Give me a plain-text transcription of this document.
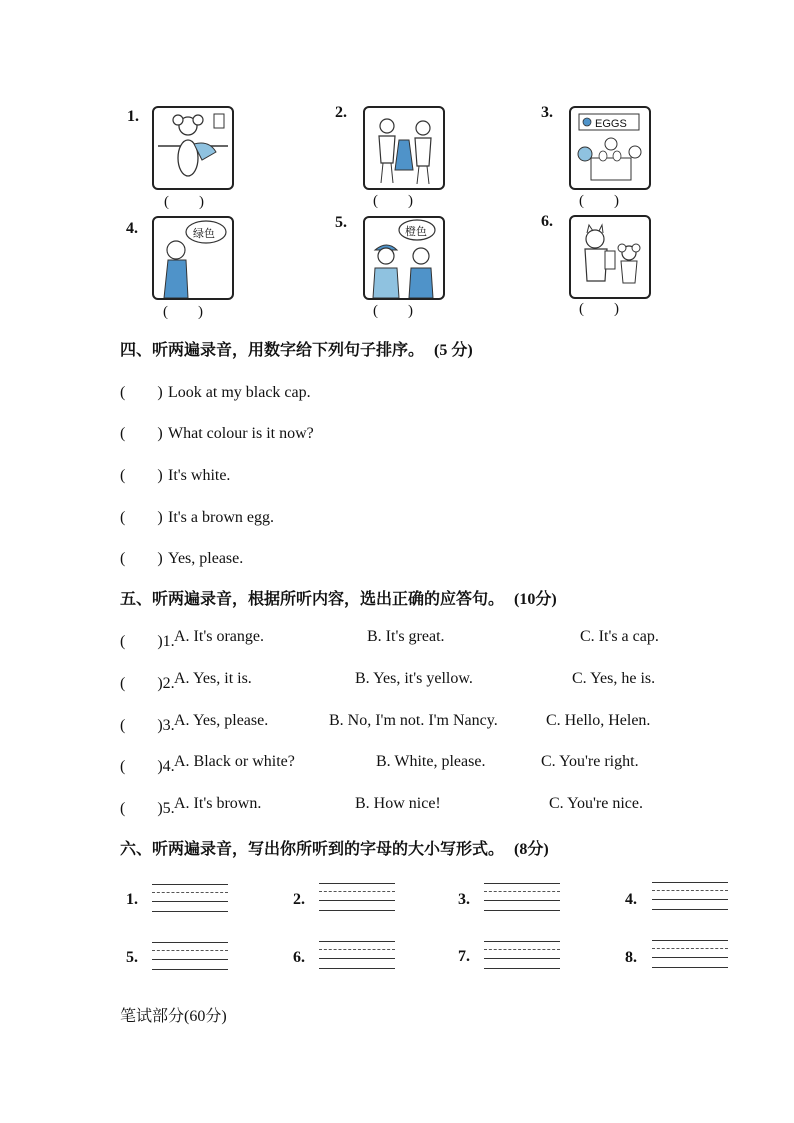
1.
(　　)
2.
(　　)
3.
EGGS
(　　)
4.	绿色
(　　)
5.
橙色
(　　)
6.
(　　)
四、听两遍录音，用数字给下列句子排序。 (5 分)
(　　) Look at my black cap.
(　　) What colour is it now?
(　　) It's white.
(　　) It's a brown egg.
(　　) Yes, please.
五、听两遍录音，根据所听内容，选出正确的应答句。 (10分)
(　　)1. A. It's orange.	B. It's great.	C. It's a cap.
(　　)2. A. Yes, it is.	B. Yes, it's yellow.	C. Yes, he is.
(　　)3. A. Yes, please.	B. No, I'm not. I'm Nancy.	C. Hello, Helen.
(　　)4. A. Black or white?	B. White, please.	C. You're right.
(　　)5. A. It's brown.	B. How nice!	C. You're nice.
六、听两遍录音，写出你所听到的字母的大小写形式。 (8分)
1.	2.	3.	4.
5.	6.	7.	8.
笔试部分(60分)
